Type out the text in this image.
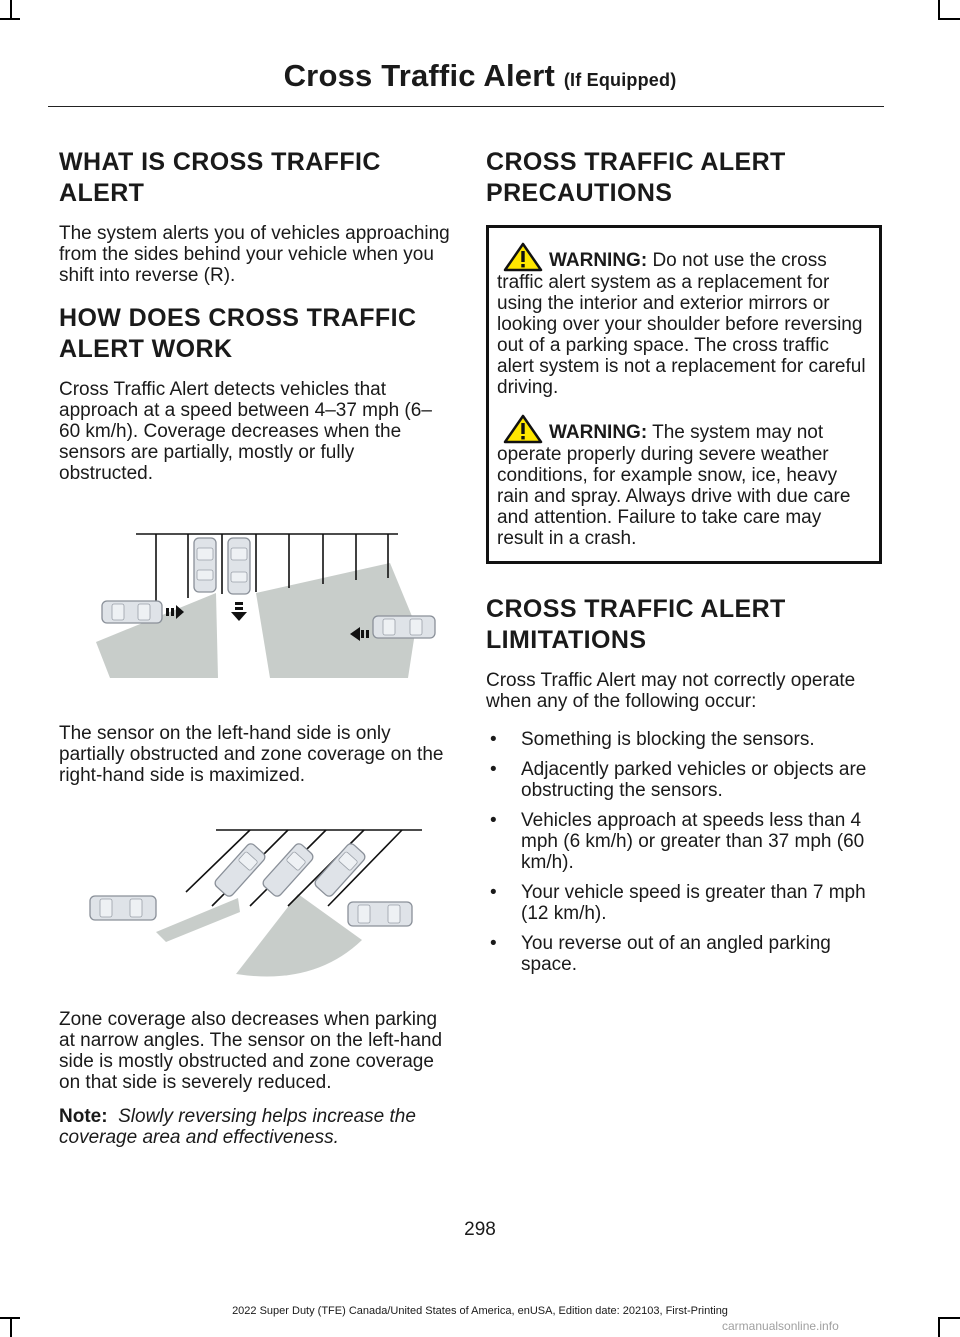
Cross Traffic Alert (If Equipped)
WHAT IS CROSS TRAFFIC ALERT

The system alerts you of vehicles approaching from the sides behind your vehicle when you shift into reverse (R).

HOW DOES CROSS TRAFFIC ALERT WORK

Cross Traffic Alert detects vehicles that approach at a speed between 4–37 mph (6–60 km/h). Coverage decreases when the sensors are partially, mostly or fully obstructed.

The sensor on the left-hand side is only partially obstructed and zone coverage on the right-hand side is maximized.

Zone coverage also decreases when parking at narrow angles. The sensor on the left-hand side is mostly obstructed and zone coverage on that side is severely reduced.

Note: Slowly reversing helps increase the coverage area and effectiveness.

CROSS TRAFFIC ALERT PRECAUTIONS
WARNING: Do not use the cross traffic alert system as a replacement for using the interior and exterior mirrors or looking over your shoulder before reversing out of a parking space. The cross traffic alert system is not a replacement for careful driving.
WARNING: The system may not operate properly during severe weather conditions, for example snow, ice, heavy rain and spray. Always drive with due care and attention. Failure to take care may result in a crash.
CROSS TRAFFIC ALERT LIMITATIONS

Cross Traffic Alert may not correctly operate when any of the following occur:

• Something is blocking the sensors.
• Adjacently parked vehicles or objects are obstructing the sensors.
• Vehicles approach at speeds less than 4 mph (6 km/h) or greater than 37 mph (60 km/h).
• Your vehicle speed is greater than 7 mph (12 km/h).
• You reverse out of an angled parking space.
298
2022 Super Duty (TFE) Canada/United States of America, enUSA, Edition date: 202103, First-Printing
carmanualsonline.info
